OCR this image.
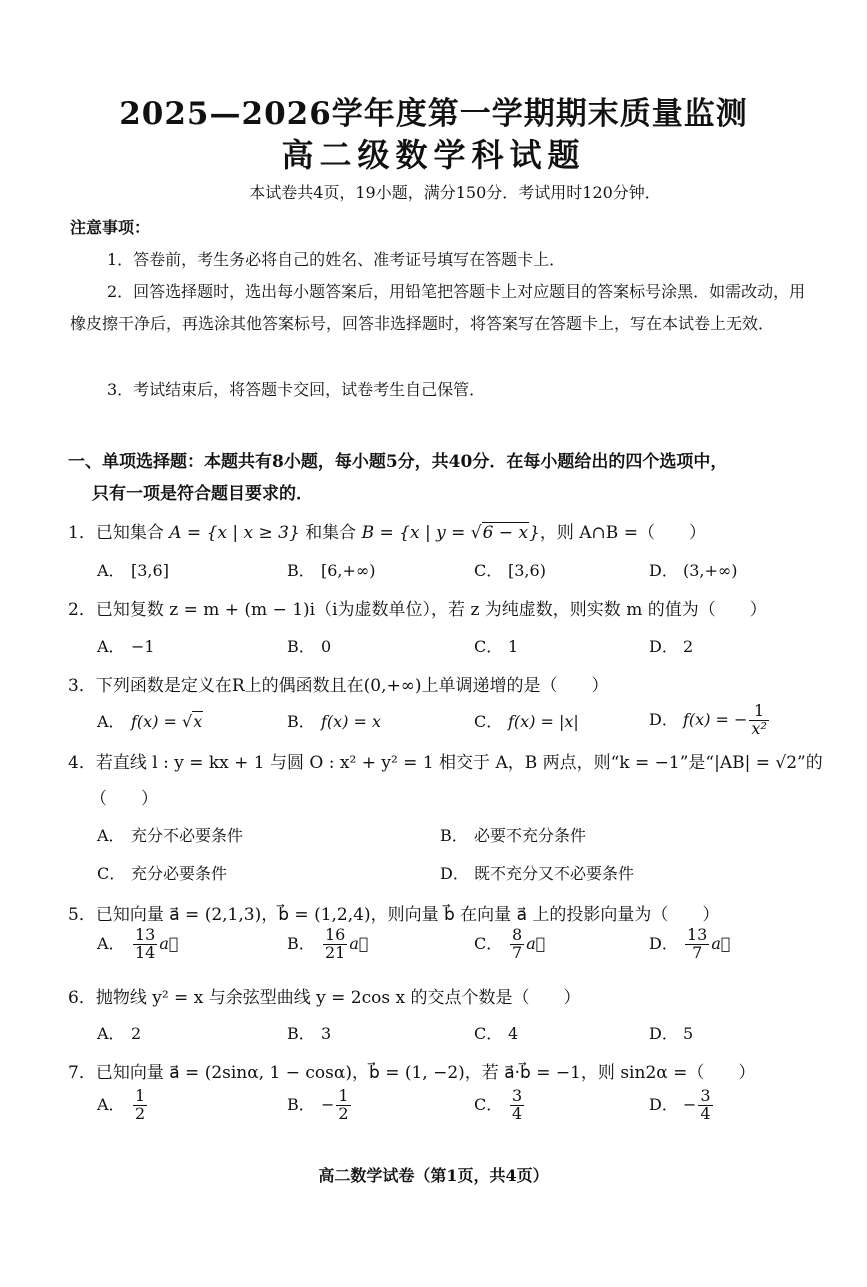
2025—2026学年度第一学期期末质量监测
高二级数学科试题
本试卷共4页，19小题，满分150分．考试用时120分钟．
注意事项：
1．答卷前，考生务必将自己的姓名、准考证号填写在答题卡上．
2．回答选择题时，选出每小题答案后，用铅笔把答题卡上对应题目的答案标号涂黑．如需改动，用橡皮擦干净后，再选涂其他答案标号，回答非选择题时，将答案写在答题卡上，写在本试卷上无效．
3．考试结束后，将答题卡交回，试卷考生自己保管．
一、单项选择题：本题共有8小题，每小题5分，共40分．在每小题给出的四个选项中，
只有一项是符合题目要求的．
1．已知集合 A = {x | x ≥ 3} 和集合 B = {x | y = √6 − x}，则 A∩B =（　　）
A． [3,6]	B． [6,+∞)	C． [3,6)	D． (3,+∞)
2．已知复数 z = m + (m − 1)i（i为虚数单位），若 z 为纯虚数，则实数 m 的值为（　　）
A． −1	B． 0	C． 1	D． 2
3．下列函数是定义在R上的偶函数且在(0,+∞)上单调递增的是（　　）
A． f(x) = √x	B． f(x) = x	C． f(x) = |x|	D． f(x) = − $\frac{1}{\text{x²}}$
4．若直线 l : y = kx + 1 与圆 O : x² + y² = 1 相交于 A，B 两点，则“k = −1”是“|AB| = √2”的
（　　）
A． 充分不必要条件	B． 必要不充分条件
C． 充分必要条件	D． 既不充分又不必要条件
5．已知向量 a⃗ = (2,1,3)，b⃗ = (1,2,4)，则向量 b⃗ 在向量 a⃗ 上的投影向量为（　　）
A． $\frac{13}{14}$ a⃗	B． $\frac{16}{21}$ a⃗	C． $\frac{8}{7}$ a⃗	D． $\frac{13}{7}$ a⃗
6．抛物线 y² = x 与余弦型曲线 y = 2cos x 的交点个数是（　　）
A． 2	B． 3	C． 4	D． 5
7．已知向量 a⃗ = (2sinα, 1 − cosα)，b⃗ = (1, −2)，若 a⃗·b⃗ = −1，则 sin2α =（　　）
A． $\frac{1}{2}$	B． − $\frac{1}{2}$	C． $\frac{3}{4}$	D． − $\frac{3}{4}$
高二数学试卷（第1页，共4页）
